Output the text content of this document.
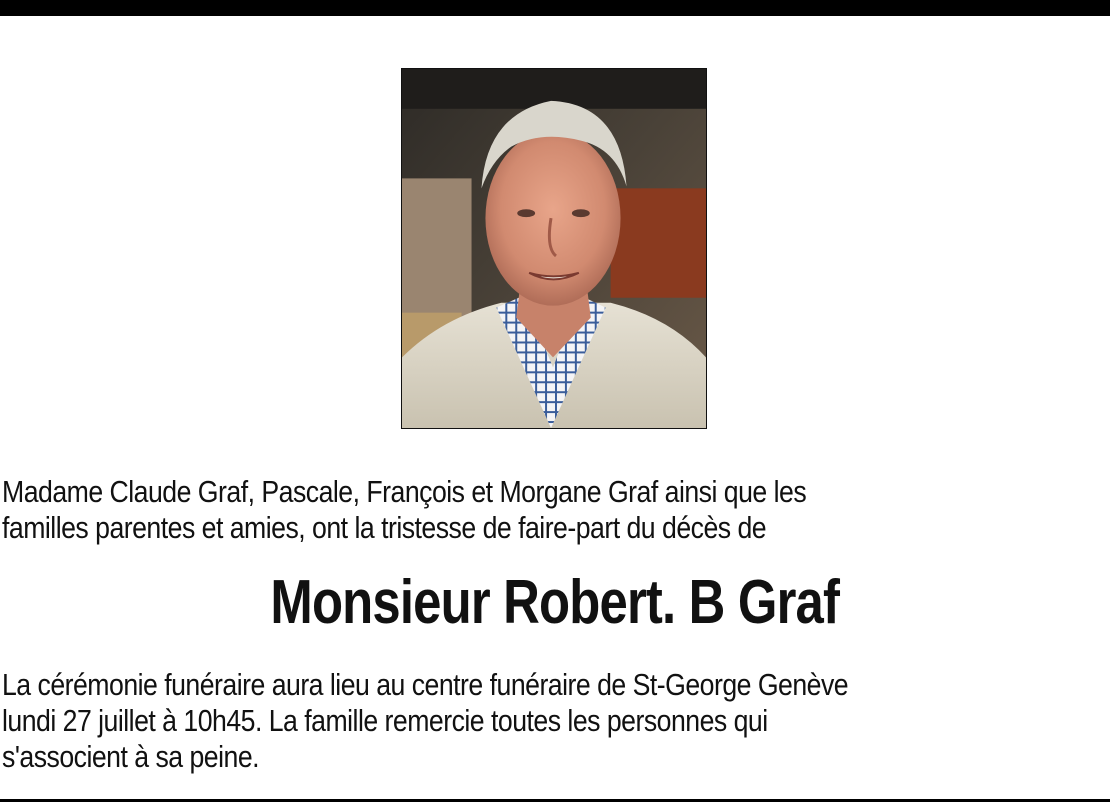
Madame Claude Graf, Pascale, François et Morgane Graf ainsi que les
familles parentes et amies, ont la tristesse de faire-part du décès de
Monsieur Robert. B Graf
La cérémonie funéraire aura lieu au centre funéraire de St-George Genève
lundi 27 juillet à 10h45. La famille remercie toutes les personnes qui
s'associent à sa peine.
